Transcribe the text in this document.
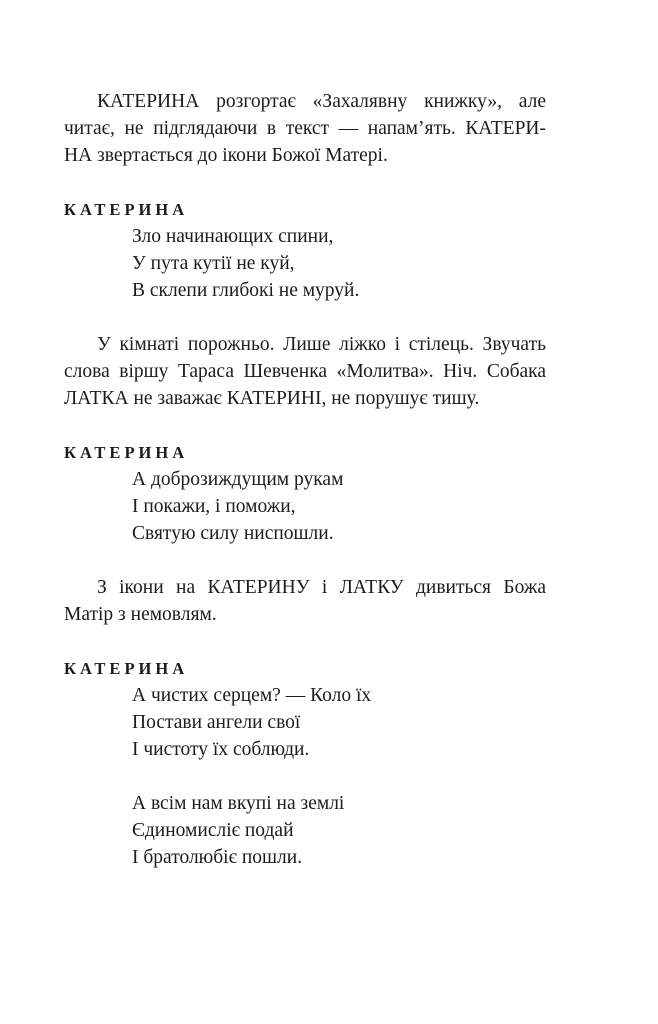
КАТЕРИНА розгортає «Захалявну книжку», але
читає, не підглядаючи в текст — напам’ять. КАТЕРИ-
НА звертається до ікони Божої Матері.

КАТЕРИНА

Зло начинающих спини,
У пута кутії не куй,
В склепи глибокі не муруй.

У кімнаті порожньо. Лише ліжко і стілець. Звучать
слова віршу Тараса Шевченка «Молитва». Ніч. Собака
ЛАТКА не заважає КАТЕРИНІ, не порушує тишу.

КАТЕРИНА

А доброзиждущим рукам
І покажи, і поможи,
Святую силу ниспошли.

З ікони на КАТЕРИНУ і ЛАТКУ дивиться Божа
Матір з немовлям.

КАТЕРИНА

А чистих серцем? — Коло їх
Постави ангели свої
І чистоту їх соблюди.
А всім нам вкупі на землі
Єдиномисліє подай
І братолюбіє пошли.
